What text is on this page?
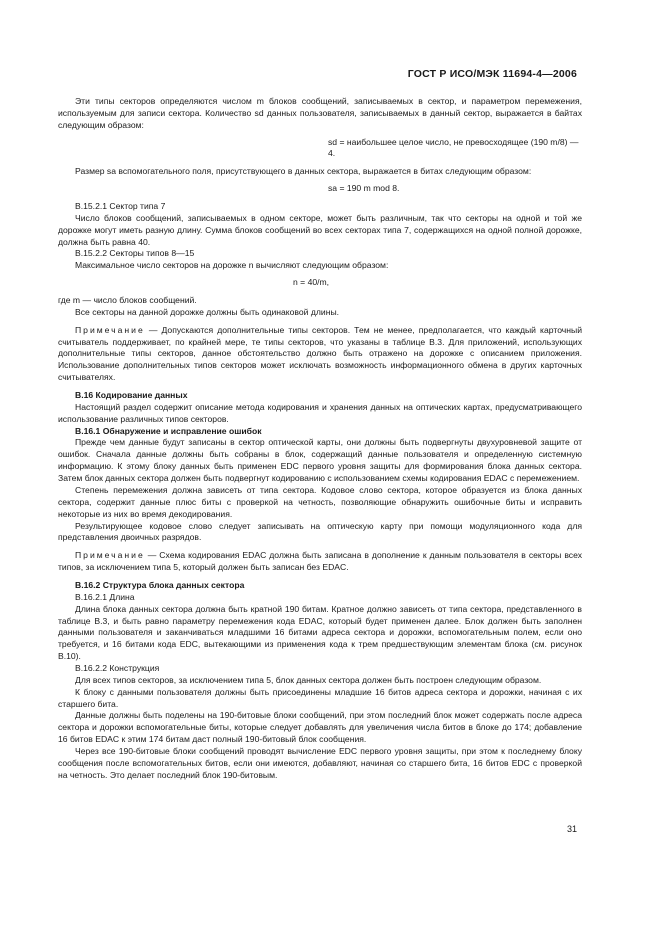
ГОСТ Р ИСО/МЭК 11694-4—2006

Эти типы секторов определяются числом m блоков сообщений, записываемых в сектор, и параметром перемежения, используемым для записи сектора. Количество sd данных пользователя, записываемых в данный сектор, выражается в байтах следующим образом:

sd = наибольшее целое число, не превосходящее (190 m/8) — 4.

Размер sa вспомогательного поля, присутствующего в данных сектора, выражается в битах следующим образом:

sa = 190 m mod 8.

B.15.2.1 Сектор типа 7

Число блоков сообщений, записываемых в одном секторе, может быть различным, так что секторы на одной и той же дорожке могут иметь разную длину. Сумма блоков сообщений во всех секторах типа 7, содержащихся на одной полной дорожке, должна быть равна 40.

B.15.2.2 Секторы типов 8—15

Максимальное число секторов на дорожке n вычисляют следующим образом:

n = 40/m,

где m — число блоков сообщений.

Все секторы на данной дорожке должны быть одинаковой длины.

Примечание — Допускаются дополнительные типы секторов. Тем не менее, предполагается, что каждый карточный считыватель поддерживает, по крайней мере, те типы секторов, что указаны в таблице B.3. Для приложений, использующих дополнительные типы секторов, данное обстоятельство должно быть отражено на дорожке с описанием приложения. Использование дополнительных типов секторов может исключать возможность информационного обмена в других карточных считывателях.

B.16 Кодирование данных

Настоящий раздел содержит описание метода кодирования и хранения данных на оптических картах, предусматривающего использование различных типов секторов.

B.16.1 Обнаружение и исправление ошибок

Прежде чем данные будут записаны в сектор оптической карты, они должны быть подвергнуты двухуровневой защите от ошибок. Сначала данные должны быть собраны в блок, содержащий данные пользователя и определенную системную информацию. К этому блоку данных быть применен EDC первого уровня защиты для формирования блока данных сектора. Затем блок данных сектора должен быть подвергнут кодированию с использованием схемы кодирования EDAC с перемежением.

Степень перемежения должна зависеть от типа сектора. Кодовое слово сектора, которое образуется из блока данных сектора, содержит данные плюс биты с проверкой на четность, позволяющие обнаружить ошибочные биты и исправить некоторые из них во время декодирования.

Результирующее кодовое слово следует записывать на оптическую карту при помощи модуляционного кода для представления двоичных разрядов.

Примечание — Схема кодирования EDAC должна быть записана в дополнение к данным пользователя в секторы всех типов, за исключением типа 5, который должен быть записан без EDAC.

B.16.2 Структура блока данных сектора

B.16.2.1 Длина

Длина блока данных сектора должна быть кратной 190 битам. Кратное должно зависеть от типа сектора, представленного в таблице B.3, и быть равно параметру перемежения кода EDAC, который будет применен далее. Блок должен быть заполнен данными пользователя и заканчиваться младшими 16 битами адреса сектора и дорожки, вспомогательным полем, если оно требуется, и 16 битами кода EDC, вытекающими из применения кода к трем предшествующим элементам блока (см. рисунок B.10).

B.16.2.2 Конструкция

Для всех типов секторов, за исключением типа 5, блок данных сектора должен быть построен следующим образом.

К блоку с данными пользователя должны быть присоединены младшие 16 битов адреса сектора и дорожки, начиная с их старшего бита.

Данные должны быть поделены на 190-битовые блоки сообщений, при этом последний блок может содержать после адреса сектора и дорожки вспомогательные биты, которые следует добавлять для увеличения числа битов в блоке до 174; добавление 16 битов EDAC к этим 174 битам даст полный 190-битовый блок сообщения.

Через все 190-битовые блоки сообщений проводят вычисление EDC первого уровня защиты, при этом к последнему блоку сообщения после вспомогательных битов, если они имеются, добавляют, начиная со старшего бита, 16 битов EDC с проверкой на четность. Это делает последний блок 190-битовым.

31
